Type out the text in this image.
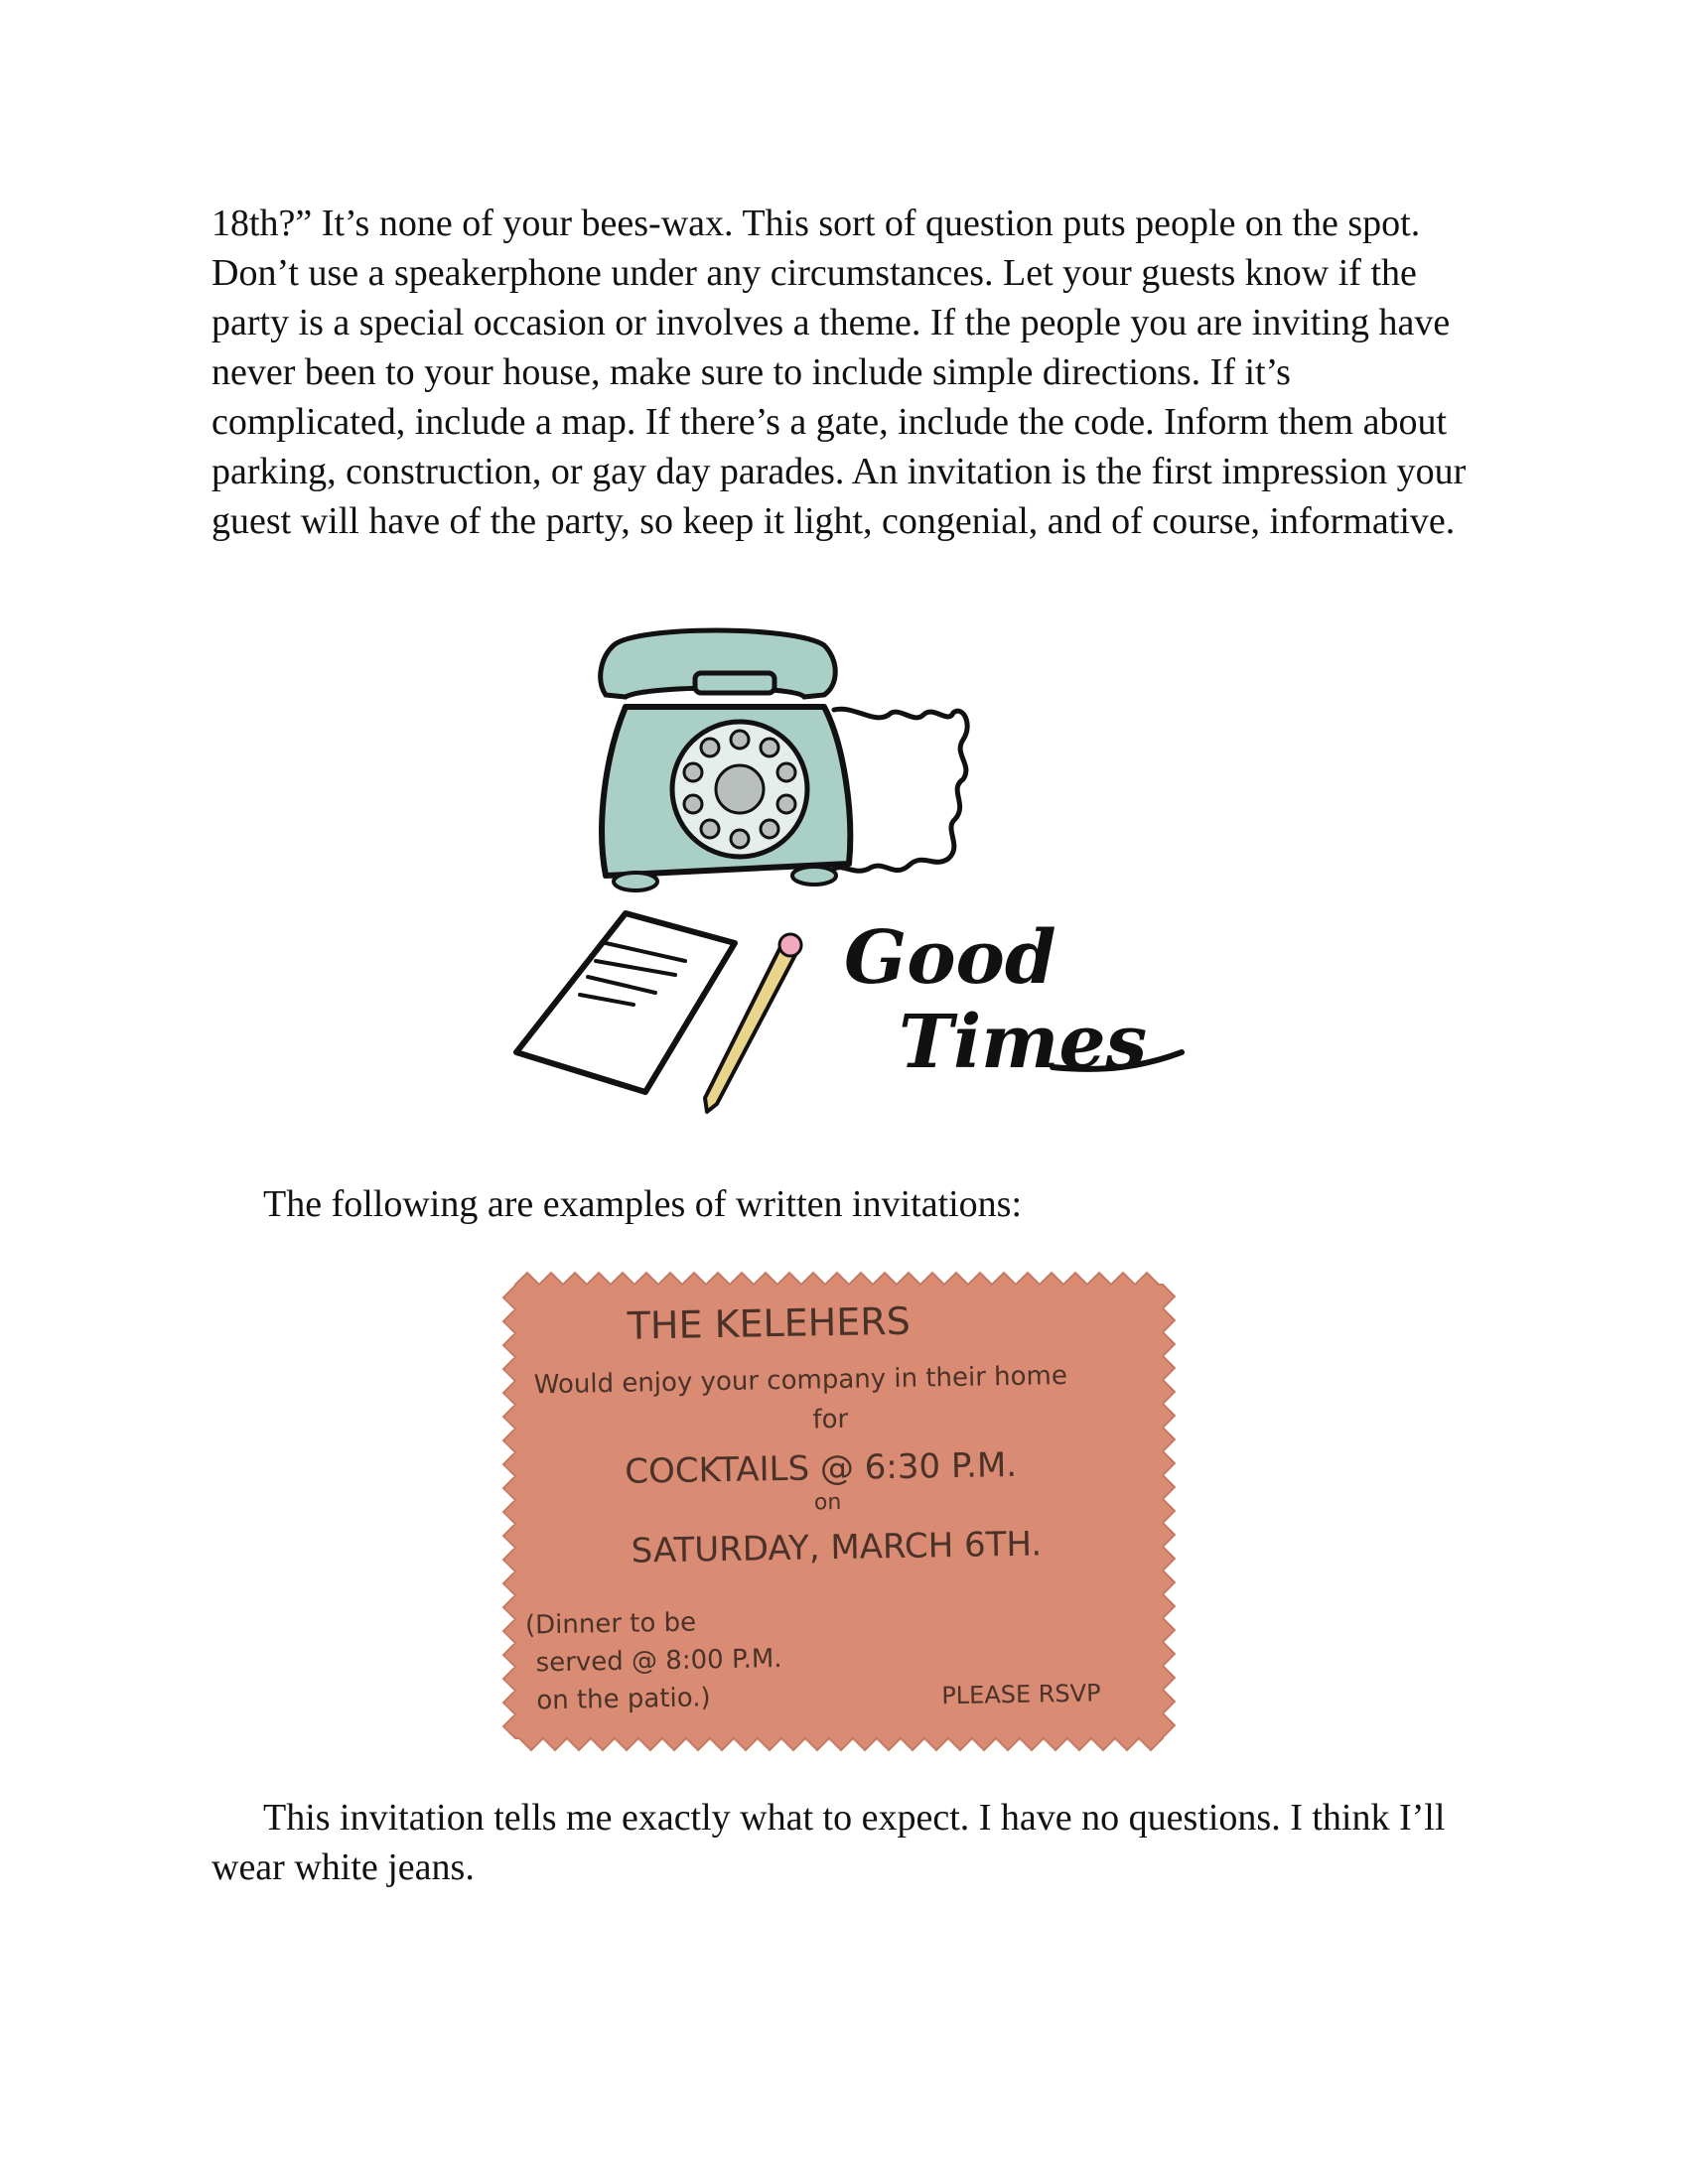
18th?” It’s none of your bees-wax. This sort of question puts people on the spot. Don’t use a speakerphone under any circumstances. Let your guests know if the party is a special occasion or involves a theme. If the people you are inviting have never been to your house, make sure to include simple directions. If it’s complicated, include a map. If there’s a gate, include the code. Inform them about parking, construction, or gay day parades. An invitation is the first impression your guest will have of the party, so keep it light, congenial, and of course, informative.

Good
Times

The following are examples of written invitations:

THE KELEHERS
Would enjoy your company in their home
for
COCKTAILS @ 6:30 P.M.
on
SATURDAY, MARCH 6TH.
(Dinner to be
served @ 8:00 P.M.
on the patio.)	PLEASE RSVP

This invitation tells me exactly what to expect. I have no questions. I think I’ll wear white jeans.
